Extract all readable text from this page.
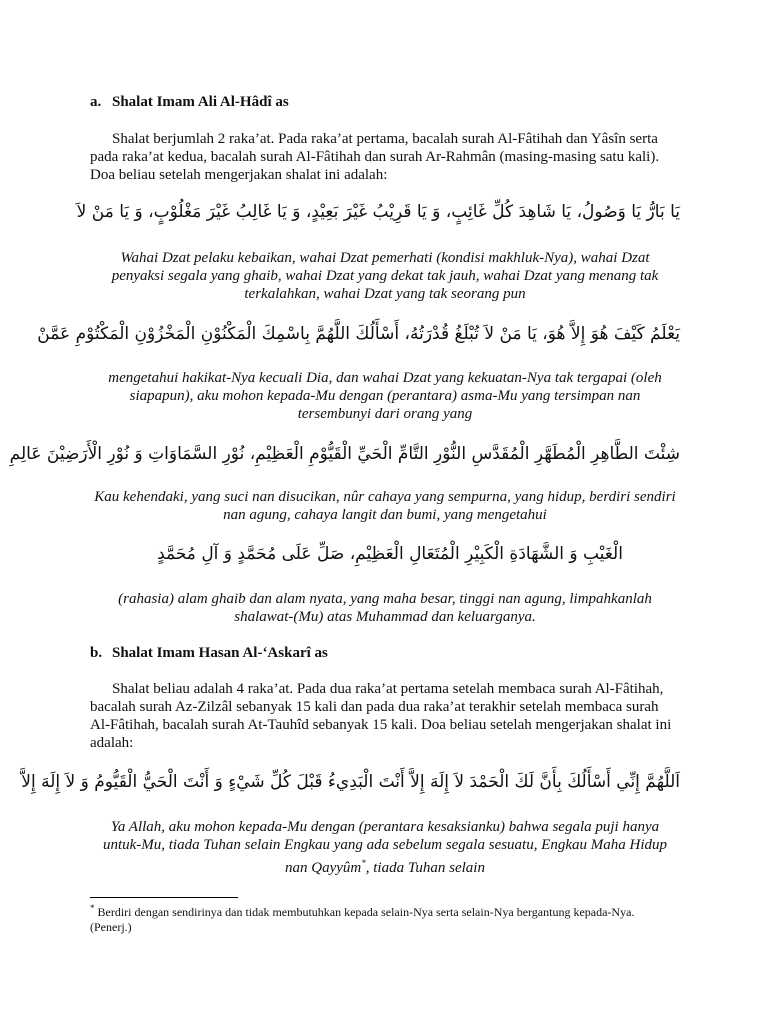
a. Shalat Imam Ali Al-Hâdî as

Shalat berjumlah 2 raka’at. Pada raka’at pertama, bacalah surah Al-Fâtihah dan Yâsîn serta

pada raka’at kedua, bacalah surah Al-Fâtihah dan surah Ar-Rahmân (masing-masing satu kali).

Doa beliau setelah mengerjakan shalat ini adalah:

يَا بَارُّ يَا وَصُولُ، يَا شَاهِدَ كُلِّ غَائِبٍ، وَ يَا قَرِيْبُ غَيْرَ بَعِيْدٍ، وَ يَا غَالِبُ غَيْرَ مَغْلُوْبٍ، وَ يَا مَنْ لاَ
Wahai Dzat pelaku kebaikan, wahai Dzat pemerhati (kondisi makhluk-Nya), wahai Dzat
penyaksi segala yang ghaib, wahai Dzat yang dekat tak jauh, wahai Dzat yang menang tak
terkalahkan, wahai Dzat yang tak seorang pun
يَعْلَمُ كَيْفَ هُوَ إِلاَّ هُوَ، يَا مَنْ لاَ تُبْلَغُ قُدْرَتُهُ، أَسْأَلُكَ اللَّهُمَّ بِاسْمِكَ الْمَكْنُوْنِ الْمَخْزُوْنِ الْمَكْتُوْمِ عَمَّنْ
mengetahui hakikat-Nya kecuali Dia, dan wahai Dzat yang kekuatan-Nya tak tergapai (oleh
siapapun), aku mohon kepada-Mu dengan (perantara) asma-Mu yang tersimpan nan
tersembunyi dari orang yang
شِئْتَ الطَّاهِرِ الْمُطَهَّرِ الْمُقَدَّسِ النُّوْرِ التَّامِّ الْحَيِّ الْقَيُّوْمِ الْعَظِيْمِ، نُوْرِ السَّمَاوَاتِ وَ نُوْرِ الْأَرَضِيْنَ عَالِمِ
Kau kehendaki, yang suci nan disucikan, nûr cahaya yang sempurna, yang hidup, berdiri sendiri
nan agung, cahaya langit dan bumi, yang mengetahui
الْغَيْبِ وَ الشَّهَادَةِ الْكَبِيْرِ الْمُتَعَالِ الْعَظِيْمِ، صَلِّ عَلَى مُحَمَّدٍ وَ آلِ مُحَمَّدٍ
(rahasia) alam ghaib dan alam nyata, yang maha besar, tinggi nan agung, limpahkanlah
shalawat-(Mu) atas Muhammad dan keluarganya.
b. Shalat Imam Hasan Al-‘Askarî as

Shalat beliau adalah 4 raka’at. Pada dua raka’at pertama setelah membaca surah Al-Fâtihah,

bacalah surah Az-Zilzâl sebanyak 15 kali dan pada dua raka’at terakhir setelah membaca surah

Al-Fâtihah, bacalah surah At-Tauhîd sebanyak 15 kali. Doa beliau setelah mengerjakan shalat ini

adalah:

اَللَّهُمَّ إِنِّي أَسْأَلُكَ بِأَنَّ لَكَ الْحَمْدَ لاَ إِلَهَ إِلاَّ أَنْتَ الْبَدِيءُ قَبْلَ كُلِّ شَيْءٍ وَ أَنْتَ الْحَيُّ الْقَيُّومُ وَ لاَ إِلَهَ إِلاَّ
Ya Allah, aku mohon kepada-Mu dengan (perantara kesaksianku) bahwa segala puji hanya
untuk-Mu, tiada Tuhan selain Engkau yang ada sebelum segala sesuatu, Engkau Maha Hidup
nan Qayyûm*, tiada Tuhan selain
* Berdiri dengan sendirinya dan tidak membutuhkan kepada selain-Nya serta selain-Nya bergantung kepada-Nya.
(Penerj.)
